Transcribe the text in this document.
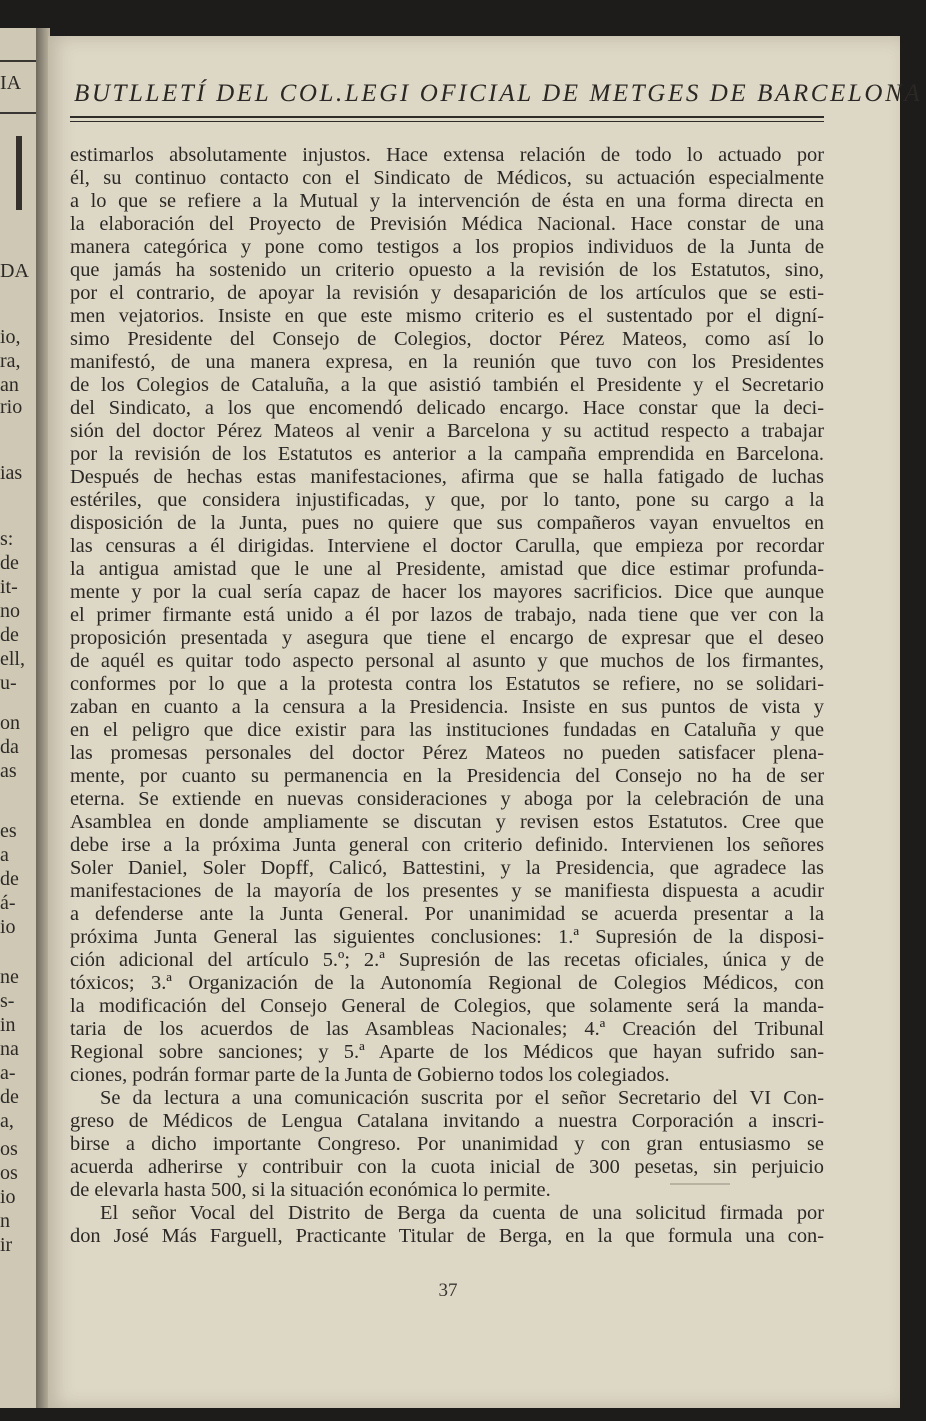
IA
DA
io,
ra,
an
rio
ias
s:
de
it-
no
de
ell,
u-
on
da
as
es
a
de
á-
io
ne
s-
in
na
a-
de
a,
os
os
io
n
ir
BUTLLETÍ DEL COL.LEGI OFICIAL DE METGES DE BARCELONA
estimarlos absolutamente injustos. Hace extensa relación de todo lo actuado por
él, su continuo contacto con el Sindicato de Médicos, su actuación especialmente
a lo que se refiere a la Mutual y la intervención de ésta en una forma directa en
la elaboración del Proyecto de Previsión Médica Nacional. Hace constar de una
manera categórica y pone como testigos a los propios individuos de la Junta de
que jamás ha sostenido un criterio opuesto a la revisión de los Estatutos, sino,
por el contrario, de apoyar la revisión y desaparición de los artículos que se esti-
men vejatorios. Insiste en que este mismo criterio es el sustentado por el digní-
simo Presidente del Consejo de Colegios, doctor Pérez Mateos, como así lo
manifestó, de una manera expresa, en la reunión que tuvo con los Presidentes
de los Colegios de Cataluña, a la que asistió también el Presidente y el Secretario
del Sindicato, a los que encomendó delicado encargo. Hace constar que la deci-
sión del doctor Pérez Mateos al venir a Barcelona y su actitud respecto a trabajar
por la revisión de los Estatutos es anterior a la campaña emprendida en Barcelona.
Después de hechas estas manifestaciones, afirma que se halla fatigado de luchas
estériles, que considera injustificadas, y que, por lo tanto, pone su cargo a la
disposición de la Junta, pues no quiere que sus compañeros vayan envueltos en
las censuras a él dirigidas. Interviene el doctor Carulla, que empieza por recordar
la antigua amistad que le une al Presidente, amistad que dice estimar profunda-
mente y por la cual sería capaz de hacer los mayores sacrificios. Dice que aunque
el primer firmante está unido a él por lazos de trabajo, nada tiene que ver con la
proposición presentada y asegura que tiene el encargo de expresar que el deseo
de aquél es quitar todo aspecto personal al asunto y que muchos de los firmantes,
conformes por lo que a la protesta contra los Estatutos se refiere, no se solidari-
zaban en cuanto a la censura a la Presidencia. Insiste en sus puntos de vista y
en el peligro que dice existir para las instituciones fundadas en Cataluña y que
las promesas personales del doctor Pérez Mateos no pueden satisfacer plena-
mente, por cuanto su permanencia en la Presidencia del Consejo no ha de ser
eterna. Se extiende en nuevas consideraciones y aboga por la celebración de una
Asamblea en donde ampliamente se discutan y revisen estos Estatutos. Cree que
debe irse a la próxima Junta general con criterio definido. Intervienen los señores
Soler Daniel, Soler Dopff, Calicó, Battestini, y la Presidencia, que agradece las
manifestaciones de la mayoría de los presentes y se manifiesta dispuesta a acudir
a defenderse ante la Junta General. Por unanimidad se acuerda presentar a la
próxima Junta General las siguientes conclusiones: 1.ª Supresión de la disposi-
ción adicional del artículo 5.º; 2.ª Supresión de las recetas oficiales, única y de
tóxicos; 3.ª Organización de la Autonomía Regional de Colegios Médicos, con
la modificación del Consejo General de Colegios, que solamente será la manda-
taria de los acuerdos de las Asambleas Nacionales; 4.ª Creación del Tribunal
Regional sobre sanciones; y 5.ª Aparte de los Médicos que hayan sufrido san-
ciones, podrán formar parte de la Junta de Gobierno todos los colegiados.
Se da lectura a una comunicación suscrita por el señor Secretario del VI Con-
greso de Médicos de Lengua Catalana invitando a nuestra Corporación a inscri-
birse a dicho importante Congreso. Por unanimidad y con gran entusiasmo se
acuerda adherirse y contribuir con la cuota inicial de 300 pesetas, sin perjuicio
de elevarla hasta 500, si la situación económica lo permite.
El señor Vocal del Distrito de Berga da cuenta de una solicitud firmada por
don José Más Farguell, Practicante Titular de Berga, en la que formula una con-
37
